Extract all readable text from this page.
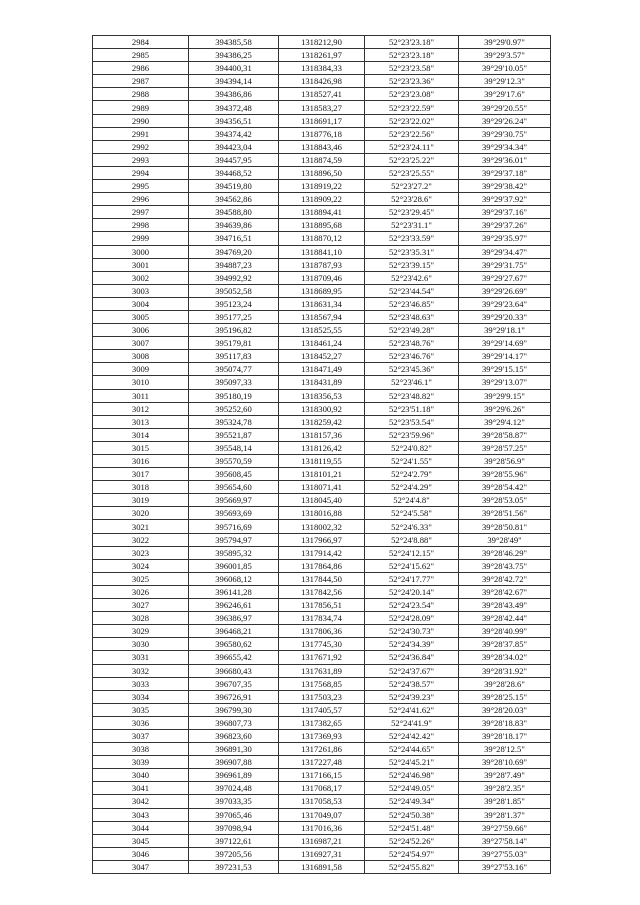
2984	394385,58	1318212,90	52°23'23.18"	39°29'0.97"
2985	394386,25	1318261,97	52°23'23.18"	39°29'3.57"
2986	394400,31	1318384,33	52°23'23.58"	39°29'10.05"
2987	394394,14	1318426,98	52°23'23.36"	39°29'12.3"
2988	394386,86	1318527,41	52°23'23.08"	39°29'17.6"
2989	394372,48	1318583,27	52°23'22.59"	39°29'20.55"
2990	394356,51	1318691,17	52°23'22.02"	39°29'26.24"
2991	394374,42	1318776,18	52°23'22.56"	39°29'30.75"
2992	394423,04	1318843,46	52°23'24.11"	39°29'34.34"
2993	394457,95	1318874,59	52°23'25.22"	39°29'36.01"
2994	394468,52	1318896,50	52°23'25.55"	39°29'37.18"
2995	394519,80	1318919,22	52°23'27.2"	39°29'38.42"
2996	394562,86	1318909,22	52°23'28.6"	39°29'37.92"
2997	394588,80	1318894,41	52°23'29.45"	39°29'37.16"
2998	394639,86	1318895,68	52°23'31.1"	39°29'37.26"
2999	394716,51	1318870,12	52°23'33.59"	39°29'35.97"
3000	394769,20	1318841,10	52°23'35.31"	39°29'34.47"
3001	394887,23	1318787,93	52°23'39.15"	39°29'31.75"
3002	394992,92	1318709,46	52°23'42.6"	39°29'27.67"
3003	395052,58	1318689,95	52°23'44.54"	39°29'26.69"
3004	395123,24	1318631,34	52°23'46.85"	39°29'23.64"
3005	395177,25	1318567,94	52°23'48.63"	39°29'20.33"
3006	395196,82	1318525,55	52°23'49.28"	39°29'18.1"
3007	395179,81	1318461,24	52°23'48.76"	39°29'14.69"
3008	395117,83	1318452,27	52°23'46.76"	39°29'14.17"
3009	395074,77	1318471,49	52°23'45.36"	39°29'15.15"
3010	395097,33	1318431,89	52°23'46.1"	39°29'13.07"
3011	395180,19	1318356,53	52°23'48.82"	39°29'9.15"
3012	395252,60	1318300,92	52°23'51.18"	39°29'6.26"
3013	395324,78	1318259,42	52°23'53.54"	39°29'4.12"
3014	395521,87	1318157,36	52°23'59.96"	39°28'58.87"
3015	395548,14	1318126,42	52°24'0.82"	39°28'57.25"
3016	395570,59	1318119,55	52°24'1.55"	39°28'56.9"
3017	395608,45	1318101,21	52°24'2.79"	39°28'55.96"
3018	395654,60	1318071,41	52°24'4.29"	39°28'54.42"
3019	395669,97	1318045,40	52°24'4.8"	39°28'53.05"
3020	395693,69	1318016,88	52°24'5.58"	39°28'51.56"
3021	395716,69	1318002,32	52°24'6.33"	39°28'50.81"
3022	395794,97	1317966,97	52°24'8.88"	39°28'49"
3023	395895,32	1317914,42	52°24'12.15"	39°28'46.29"
3024	396001,85	1317864,86	52°24'15.62"	39°28'43.75"
3025	396068,12	1317844,50	52°24'17.77"	39°28'42.72"
3026	396141,28	1317842,56	52°24'20.14"	39°28'42.67"
3027	396246,61	1317856,51	52°24'23.54"	39°28'43.49"
3028	396386,97	1317834,74	52°24'28.09"	39°28'42.44"
3029	396468,21	1317806,36	52°24'30.73"	39°28'40.99"
3030	396580,62	1317745,30	52°24'34.39"	39°28'37.85"
3031	396655,42	1317671,92	52°24'36.84"	39°28'34.02"
3032	396680,43	1317631,89	52°24'37.67"	39°28'31.92"
3033	396707,35	1317568,85	52°24'38.57"	39°28'28.6"
3034	396726,91	1317503,23	52°24'39.23"	39°28'25.15"
3035	396799,30	1317405,57	52°24'41.62"	39°28'20.03"
3036	396807,73	1317382,65	52°24'41.9"	39°28'18.83"
3037	396823,60	1317369,93	52°24'42.42"	39°28'18.17"
3038	396891,30	1317261,86	52°24'44.65"	39°28'12.5"
3039	396907,88	1317227,48	52°24'45.21"	39°28'10.69"
3040	396961,89	1317166,15	52°24'46.98"	39°28'7.49"
3041	397024,48	1317068,17	52°24'49.05"	39°28'2.35"
3042	397033,35	1317058,53	52°24'49.34"	39°28'1.85"
3043	397065,46	1317049,07	52°24'50.38"	39°28'1.37"
3044	397098,94	1317016,36	52°24'51.48"	39°27'59.66"
3045	397122,61	1316987,21	52°24'52.26"	39°27'58.14"
3046	397205,56	1316927,31	52°24'54.97"	39°27'55.03"
3047	397231,53	1316891,58	52°24'55.82"	39°27'53.16"
